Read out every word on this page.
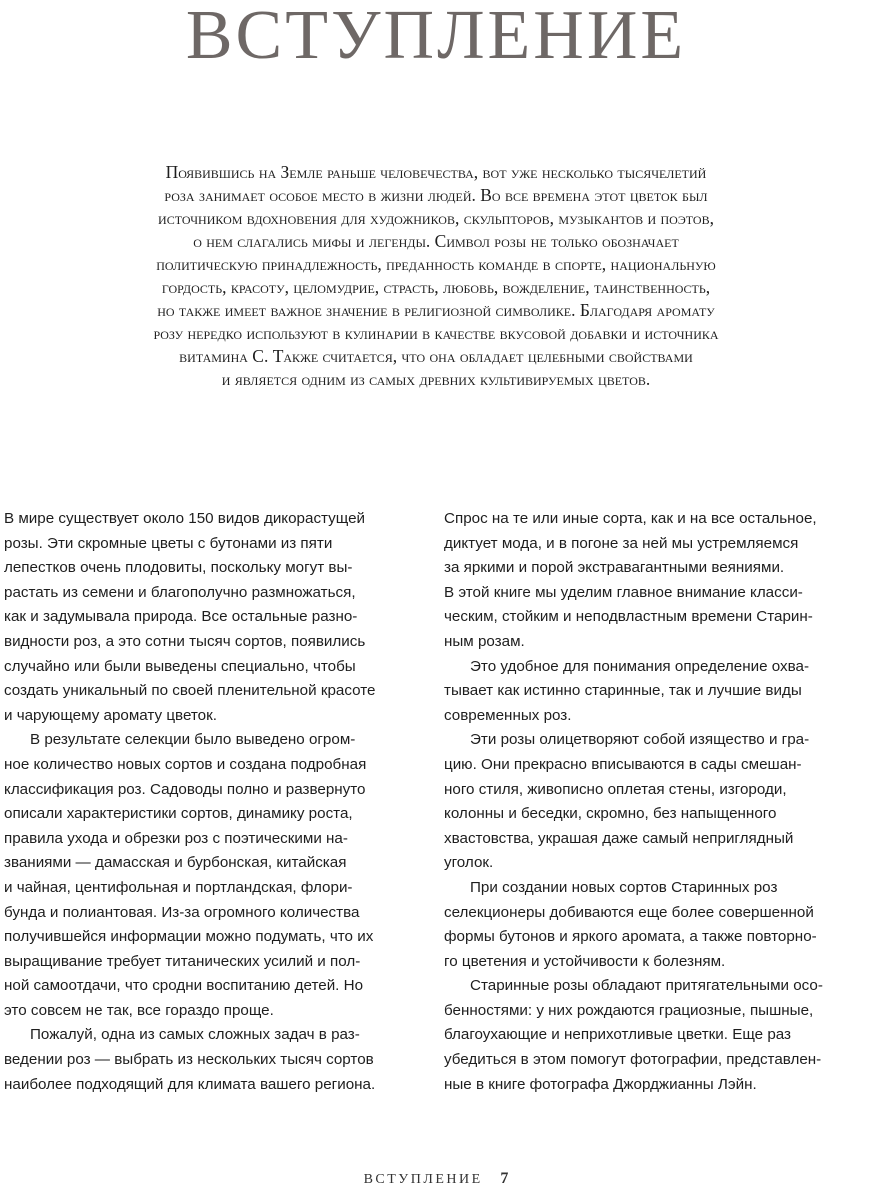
ВСТУПЛЕНИЕ
Появившись на Земле раньше человечества, вот уже несколько тысячелетий
роза занимает особое место в жизни людей. Во все времена этот цветок был
источником вдохновения для художников, скульпторов, музыкантов и поэтов,
о нем слагались мифы и легенды. Символ розы не только обозначает
политическую принадлежность, преданность команде в спорте, национальную
гордость, красоту, целомудрие, страсть, любовь, вожделение, таинственность,
но также имеет важное значение в религиозной символике. Благодаря аромату
розу нередко используют в кулинарии в качестве вкусовой добавки и источника
витамина С. Также считается, что она обладает целебными свойствами
и является одним из самых древних культивируемых цветов.
В мире существует около 150 видов дикорастущей
розы. Эти скромные цветы с бутонами из пяти
лепестков очень плодовиты, поскольку могут вы-
растать из семени и благополучно размножаться,
как и задумывала природа. Все остальные разно-
видности роз, а это сотни тысяч сортов, появились
случайно или были выведены специально, чтобы
создать уникальный по своей пленительной красоте
и чарующему аромату цветок.
В результате селекции было выведено огром-
ное количество новых сортов и создана подробная
классификация роз. Садоводы полно и развернуто
описали характеристики сортов, динамику роста,
правила ухода и обрезки роз с поэтическими на-
званиями — дамасская и бурбонская, китайская
и чайная, центифольная и портландская, флори-
бунда и полиантовая. Из-за огромного количества
получившейся информации можно подумать, что их
выращивание требует титанических усилий и пол-
ной самоотдачи, что сродни воспитанию детей. Но
это совсем не так, все гораздо проще.
Пожалуй, одна из самых сложных задач в раз-
ведении роз — выбрать из нескольких тысяч сортов
наиболее подходящий для климата вашего региона.
Спрос на те или иные сорта, как и на все остальное,
диктует мода, и в погоне за ней мы устремляемся
за яркими и порой экстравагантными веяниями.
В этой книге мы уделим главное внимание класси-
ческим, стойким и неподвластным времени Старин-
ным розам.
Это удобное для понимания определение охва-
тывает как истинно старинные, так и лучшие виды
современных роз.
Эти розы олицетворяют собой изящество и гра-
цию. Они прекрасно вписываются в сады смешан-
ного стиля, живописно оплетая стены, изгороди,
колонны и беседки, скромно, без напыщенного
хвастовства, украшая даже самый неприглядный
уголок.
При создании новых сортов Старинных роз
селекционеры добиваются еще более совершенной
формы бутонов и яркого аромата, а также повторно-
го цветения и устойчивости к болезням.
Старинные розы обладают притягательными осо-
бенностями: у них рождаются грациозные, пышные,
благоухающие и неприхотливые цветки. Еще раз
убедиться в этом помогут фотографии, представлен-
ные в книге фотографа Джорджианны Лэйн.
ВСТУПЛЕНИЕ 7
